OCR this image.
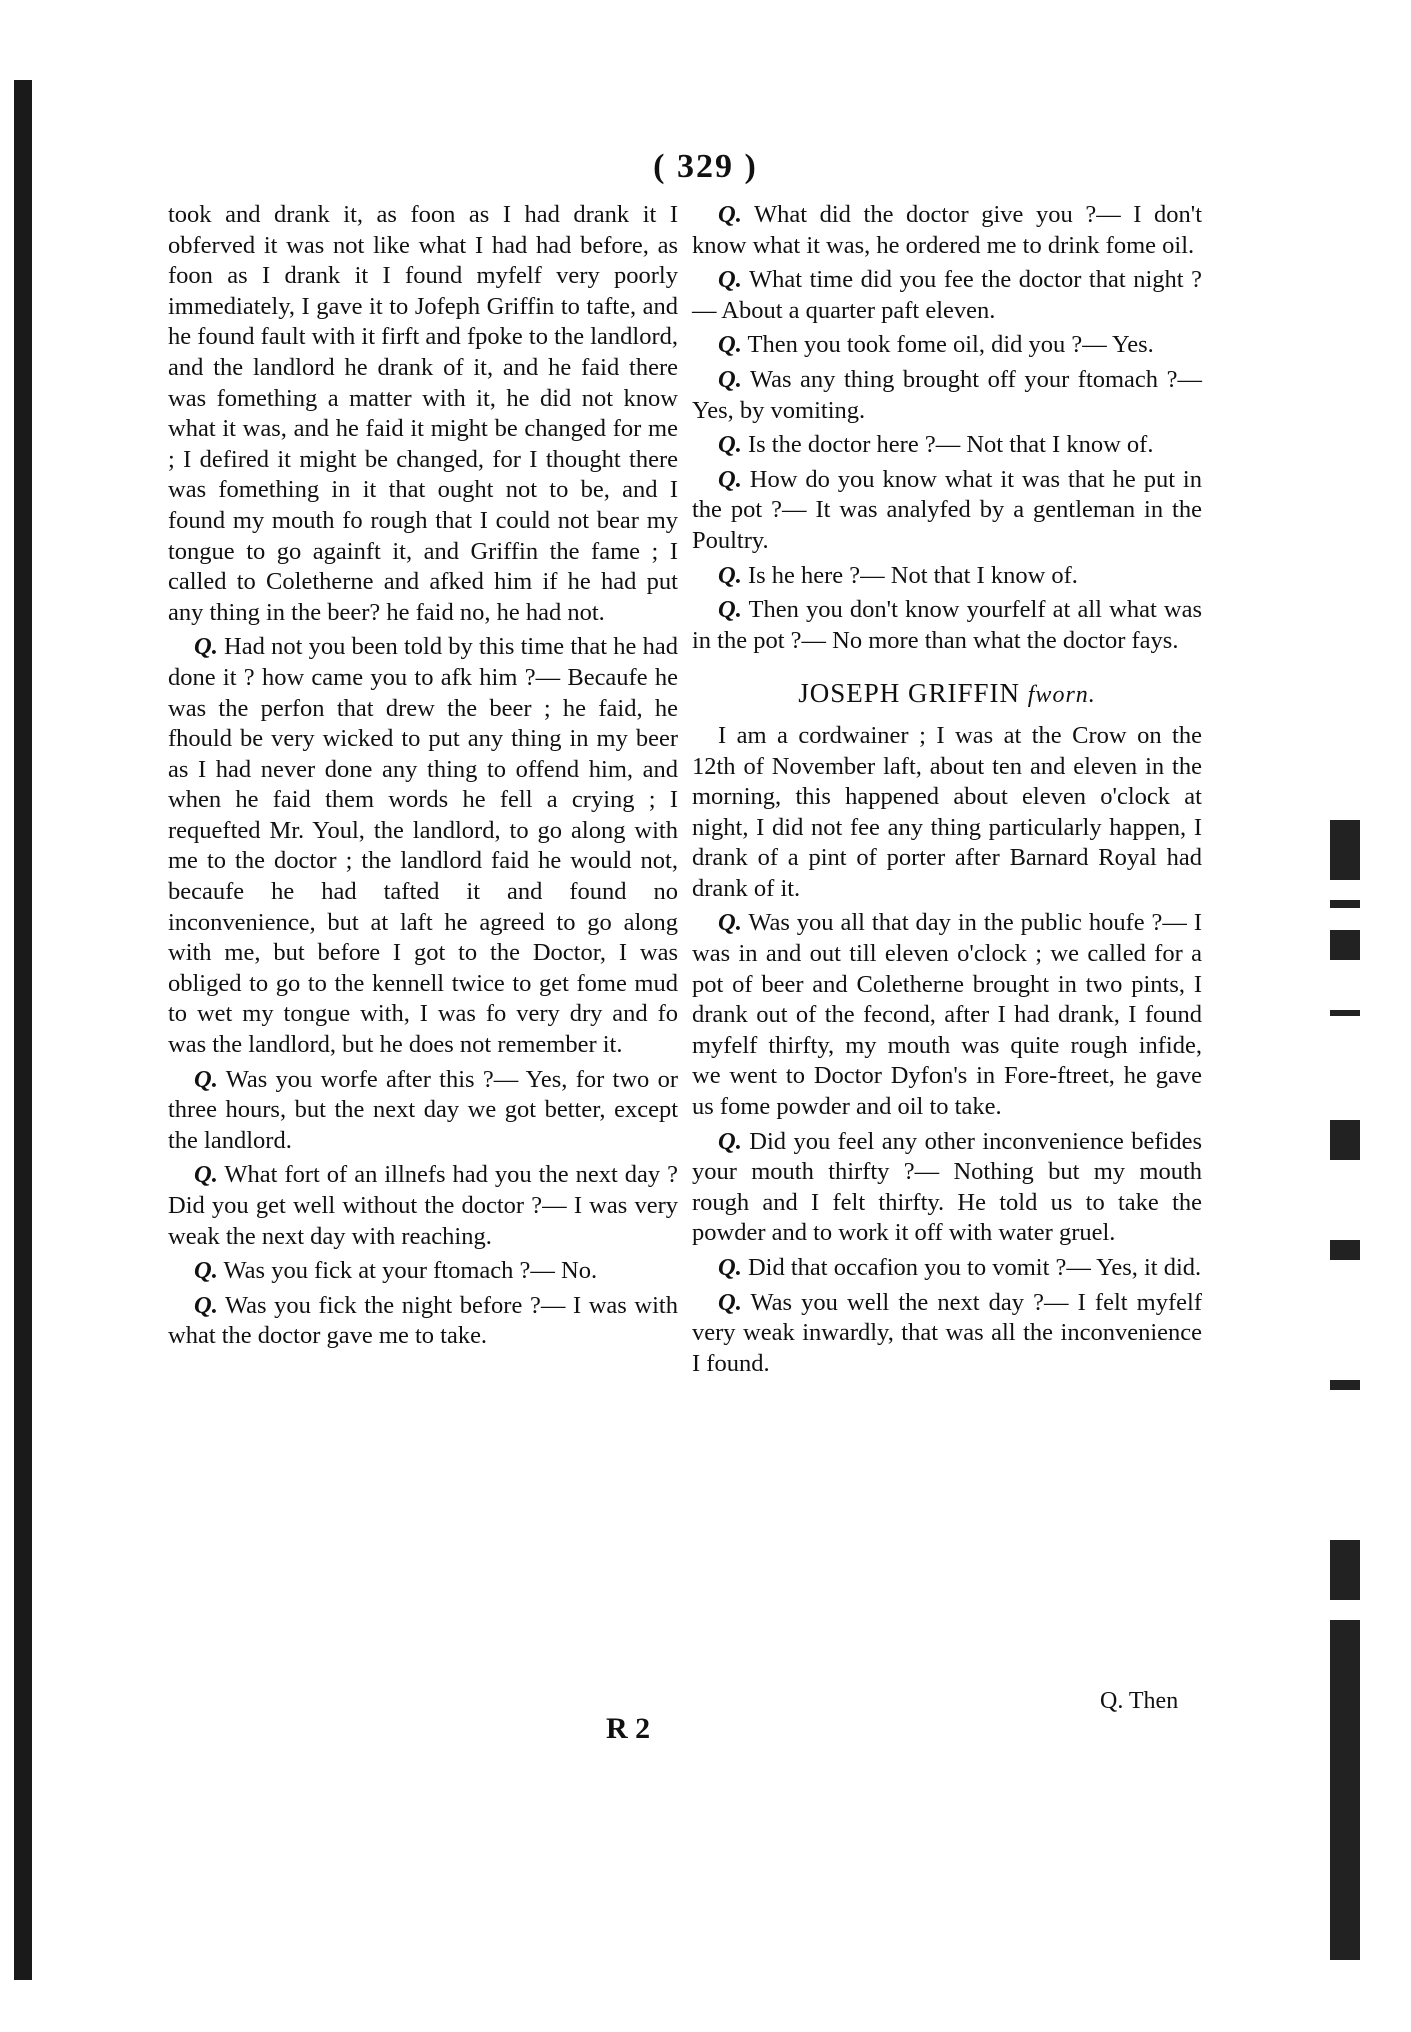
( 329 )

took and drank it, as foon as I had drank it I obferved it was not like what I had had before, as foon as I drank it I found myfelf very poorly immediately, I gave it to Jofeph Griffin to tafte, and he found fault with it firft and fpoke to the landlord, and the landlord he drank of it, and he faid there was fomething a matter with it, he did not know what it was, and he faid it might be changed for me ; I defired it might be changed, for I thought there was fomething in it that ought not to be, and I found my mouth fo rough that I could not bear my tongue to go againft it, and Griffin the fame ; I called to Coletherne and afked him if he had put any thing in the beer? he faid no, he had not.

Q. Had not you been told by this time that he had done it ? how came you to afk him ?— Becaufe he was the perfon that drew the beer ; he faid, he fhould be very wicked to put any thing in my beer as I had never done any thing to offend him, and when he faid them words he fell a crying ; I requefted Mr. Youl, the landlord, to go along with me to the doctor ; the landlord faid he would not, becaufe he had tafted it and found no inconvenience, but at laft he agreed to go along with me, but before I got to the Doctor, I was obliged to go to the kennell twice to get fome mud to wet my tongue with, I was fo very dry and fo was the landlord, but he does not remember it.

Q. Was you worfe after this ?— Yes, for two or three hours, but the next day we got better, except the landlord.

Q. What fort of an illnefs had you the next day ? Did you get well without the doctor ?— I was very weak the next day with reaching.

Q. Was you fick at your ftomach ?— No.

Q. Was you fick the night before ?— I was with what the doctor gave me to take.

R 2

Q. What did the doctor give you ?— I don't know what it was, he ordered me to drink fome oil.

Q. What time did you fee the doctor that night ?— About a quarter paft eleven.

Q. Then you took fome oil, did you ?— Yes.

Q. Was any thing brought off your ftomach ?— Yes, by vomiting.

Q. Is the doctor here ?— Not that I know of.

Q. How do you know what it was that he put in the pot ?— It was analyfed by a gentleman in the Poultry.

Q. Is he here ?— Not that I know of.

Q. Then you don't know yourfelf at all what was in the pot ?— No more than what the doctor fays.

JOSEPH GRIFFIN fworn.

I am a cordwainer ; I was at the Crow on the 12th of November laft, about ten and eleven in the morning, this happened about eleven o'clock at night, I did not fee any thing particularly happen, I drank of a pint of porter after Barnard Royal had drank of it.

Q. Was you all that day in the public houfe ?— I was in and out till eleven o'clock ; we called for a pot of beer and Coletherne brought in two pints, I drank out of the fecond, after I had drank, I found myfelf thirfty, my mouth was quite rough infide, we went to Doctor Dyfon's in Fore-ftreet, he gave us fome powder and oil to take.

Q. Did you feel any other inconvenience befides your mouth thirfty ?— Nothing but my mouth rough and I felt thirfty. He told us to take the powder and to work it off with water gruel.

Q. Did that occafion you to vomit ?— Yes, it did.

Q. Was you well the next day ?— I felt myfelf very weak inwardly, that was all the inconvenience I found.

Q. Then
